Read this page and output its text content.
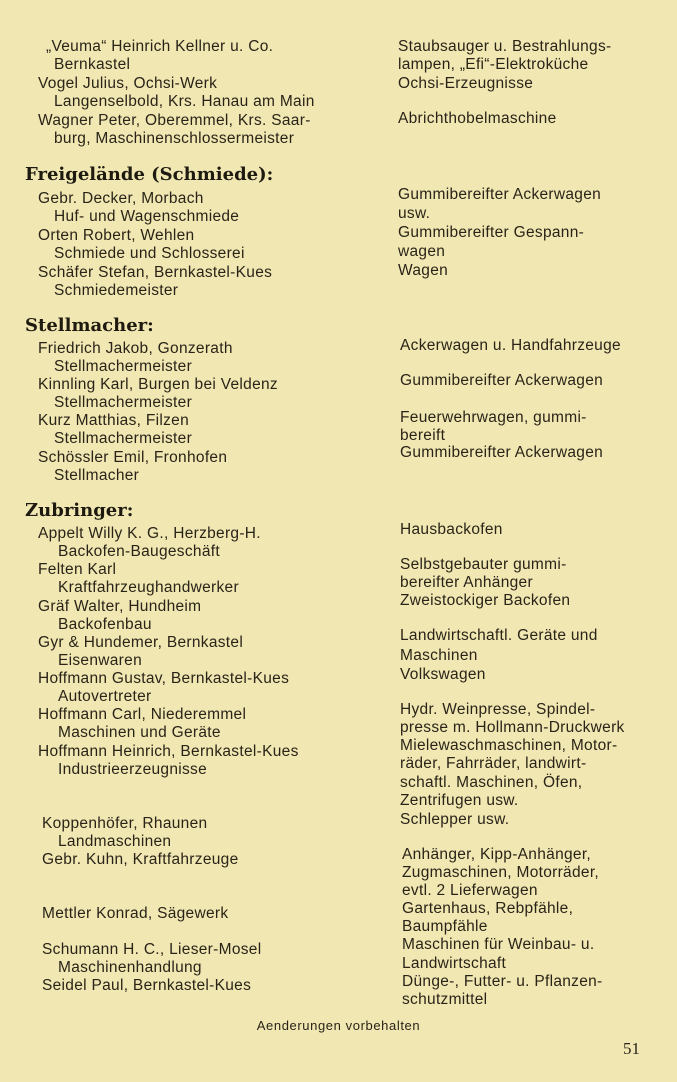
„Veuma“ Heinrich Kellner u. Co.
Bernkastel
Vogel Julius, Ochsi-Werk
Langenselbold, Krs. Hanau am Main
Wagner Peter, Oberemmel, Krs. Saar-
burg, Maschinenschlossermeister
Staubsauger u. Bestrahlungs-
lampen, „Efi“-Elektroküche
Ochsi-Erzeugnisse
Abrichthobelmaschine
Freigelände (Schmiede):
Gebr. Decker, Morbach
Huf- und Wagenschmiede
Orten Robert, Wehlen
Schmiede und Schlosserei
Schäfer Stefan, Bernkastel-Kues
Schmiedemeister
Gummibereifter Ackerwagen
usw.
Gummibereifter Gespann-
wagen
Wagen
Stellmacher:
Friedrich Jakob, Gonzerath
Stellmachermeister
Kinnling Karl, Burgen bei Veldenz
Stellmachermeister
Kurz Matthias, Filzen
Stellmachermeister
Schössler Emil, Fronhofen
Stellmacher
Ackerwagen u. Handfahrzeuge
Gummibereifter Ackerwagen
Feuerwehrwagen, gummi-
bereift
Gummibereifter Ackerwagen
Zubringer:
Appelt Willy K. G., Herzberg-H.
Backofen-Baugeschäft
Felten Karl
Kraftfahrzeughandwerker
Gräf Walter, Hundheim
Backofenbau
Gyr & Hundemer, Bernkastel
Eisenwaren
Hoffmann Gustav, Bernkastel-Kues
Autovertreter
Hoffmann Carl, Niederemmel
Maschinen und Geräte
Hoffmann Heinrich, Bernkastel-Kues
Industrieerzeugnisse
Koppenhöfer, Rhaunen
Landmaschinen
Gebr. Kuhn, Kraftfahrzeuge
Mettler Konrad, Sägewerk
Schumann H. C., Lieser-Mosel
Maschinenhandlung
Seidel Paul, Bernkastel-Kues
Hausbackofen
Selbstgebauter gummi-
bereifter Anhänger
Zweistockiger Backofen
Landwirtschaftl. Geräte und
Maschinen
Volkswagen
Hydr. Weinpresse, Spindel-
presse m. Hollmann-Druckwerk
Mielewaschmaschinen, Motor-
räder, Fahrräder, landwirt-
schaftl. Maschinen, Öfen,
Zentrifugen usw.
Schlepper usw.
Anhänger, Kipp-Anhänger,
Zugmaschinen, Motorräder,
evtl. 2 Lieferwagen
Gartenhaus, Rebpfähle,
Baumpfähle
Maschinen für Weinbau- u.
Landwirtschaft
Dünge-, Futter- u. Pflanzen-
schutzmittel
Aenderungen vorbehalten
51
